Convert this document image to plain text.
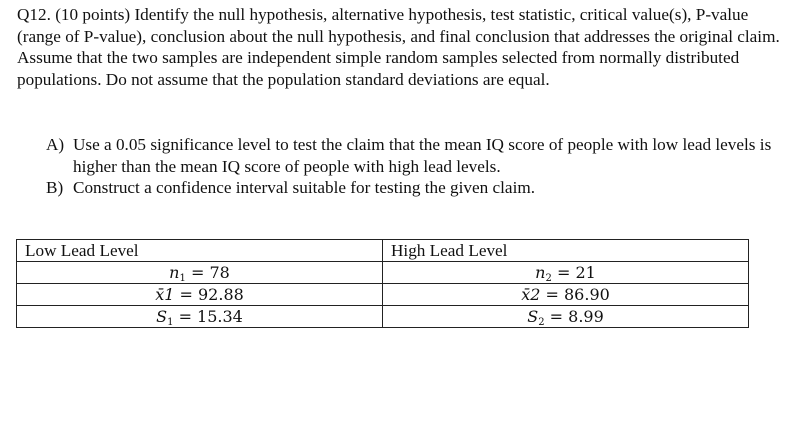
Q12. (10 points) Identify the null hypothesis, alternative hypothesis, test statistic, critical value(s), P-value (range of P-value), conclusion about the null hypothesis, and final conclusion that addresses the original claim.

Assume that the two samples are independent simple random samples selected from normally distributed populations. Do not assume that the population standard deviations are equal.

A) Use a 0.05 significance level to test the claim that the mean IQ score of people with low lead levels is higher than the mean IQ score of people with high lead levels.
B) Construct a confidence interval suitable for testing the given claim.
Low Lead Level	High Lead Level
$n_1 = 78$	$n_2 = 21$
x̄1 = 92.88	x̄2 = 86.90
$S_1 = 15.34$	$S_2 = 8.99$
